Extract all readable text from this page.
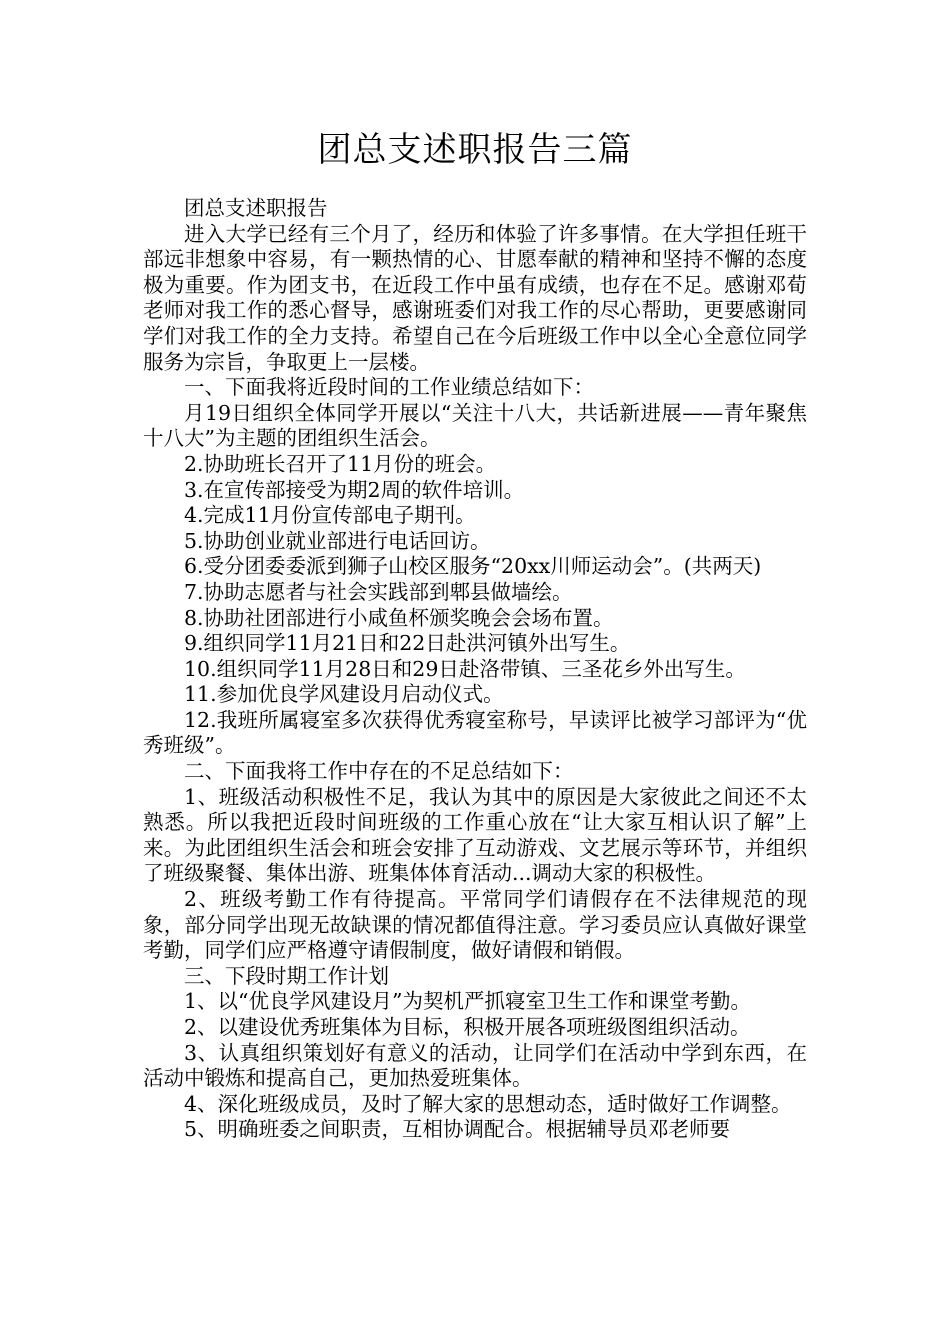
团总支述职报告三篇

团总支述职报告

进入大学已经有三个月了，经历和体验了许多事情。在大学担任班干部远非想象中容易，有一颗热情的心、甘愿奉献的精神和坚持不懈的态度极为重要。作为团支书，在近段工作中虽有成绩，也存在不足。感谢邓荀老师对我工作的悉心督导，感谢班委们对我工作的尽心帮助，更要感谢同学们对我工作的全力支持。希望自己在今后班级工作中以全心全意位同学服务为宗旨，争取更上一层楼。

一、下面我将近段时间的工作业绩总结如下：

月19日组织全体同学开展以“关注十八大，共话新进展——青年聚焦十八大”为主题的团组织生活会。

2.协助班长召开了11月份的班会。

3.在宣传部接受为期2周的软件培训。

4.完成11月份宣传部电子期刊。

5.协助创业就业部进行电话回访。

6.受分团委委派到狮子山校区服务“20xx川师运动会”。(共两天)

7.协助志愿者与社会实践部到郫县做墙绘。

8.协助社团部进行小咸鱼杯颁奖晚会会场布置。

9.组织同学11月21日和22日赴洪河镇外出写生。

10.组织同学11月28日和29日赴洛带镇、三圣花乡外出写生。

11.参加优良学风建设月启动仪式。

12.我班所属寝室多次获得优秀寝室称号，早读评比被学习部评为“优秀班级”。

二、下面我将工作中存在的不足总结如下：

1、班级活动积极性不足，我认为其中的原因是大家彼此之间还不太熟悉。所以我把近段时间班级的工作重心放在“让大家互相认识了解”上来。为此团组织生活会和班会安排了互动游戏、文艺展示等环节，并组织了班级聚餐、集体出游、班集体体育活动...调动大家的积极性。

2、班级考勤工作有待提高。平常同学们请假存在不法律规范的现象，部分同学出现无故缺课的情况都值得注意。学习委员应认真做好课堂考勤，同学们应严格遵守请假制度，做好请假和销假。

三、下段时期工作计划

1、以“优良学风建设月”为契机严抓寝室卫生工作和课堂考勤。

2、以建设优秀班集体为目标，积极开展各项班级图组织活动。

3、认真组织策划好有意义的活动，让同学们在活动中学到东西，在活动中锻炼和提高自己，更加热爱班集体。

4、深化班级成员，及时了解大家的思想动态，适时做好工作调整。

5、明确班委之间职责，互相协调配合。根据辅导员邓老师要
